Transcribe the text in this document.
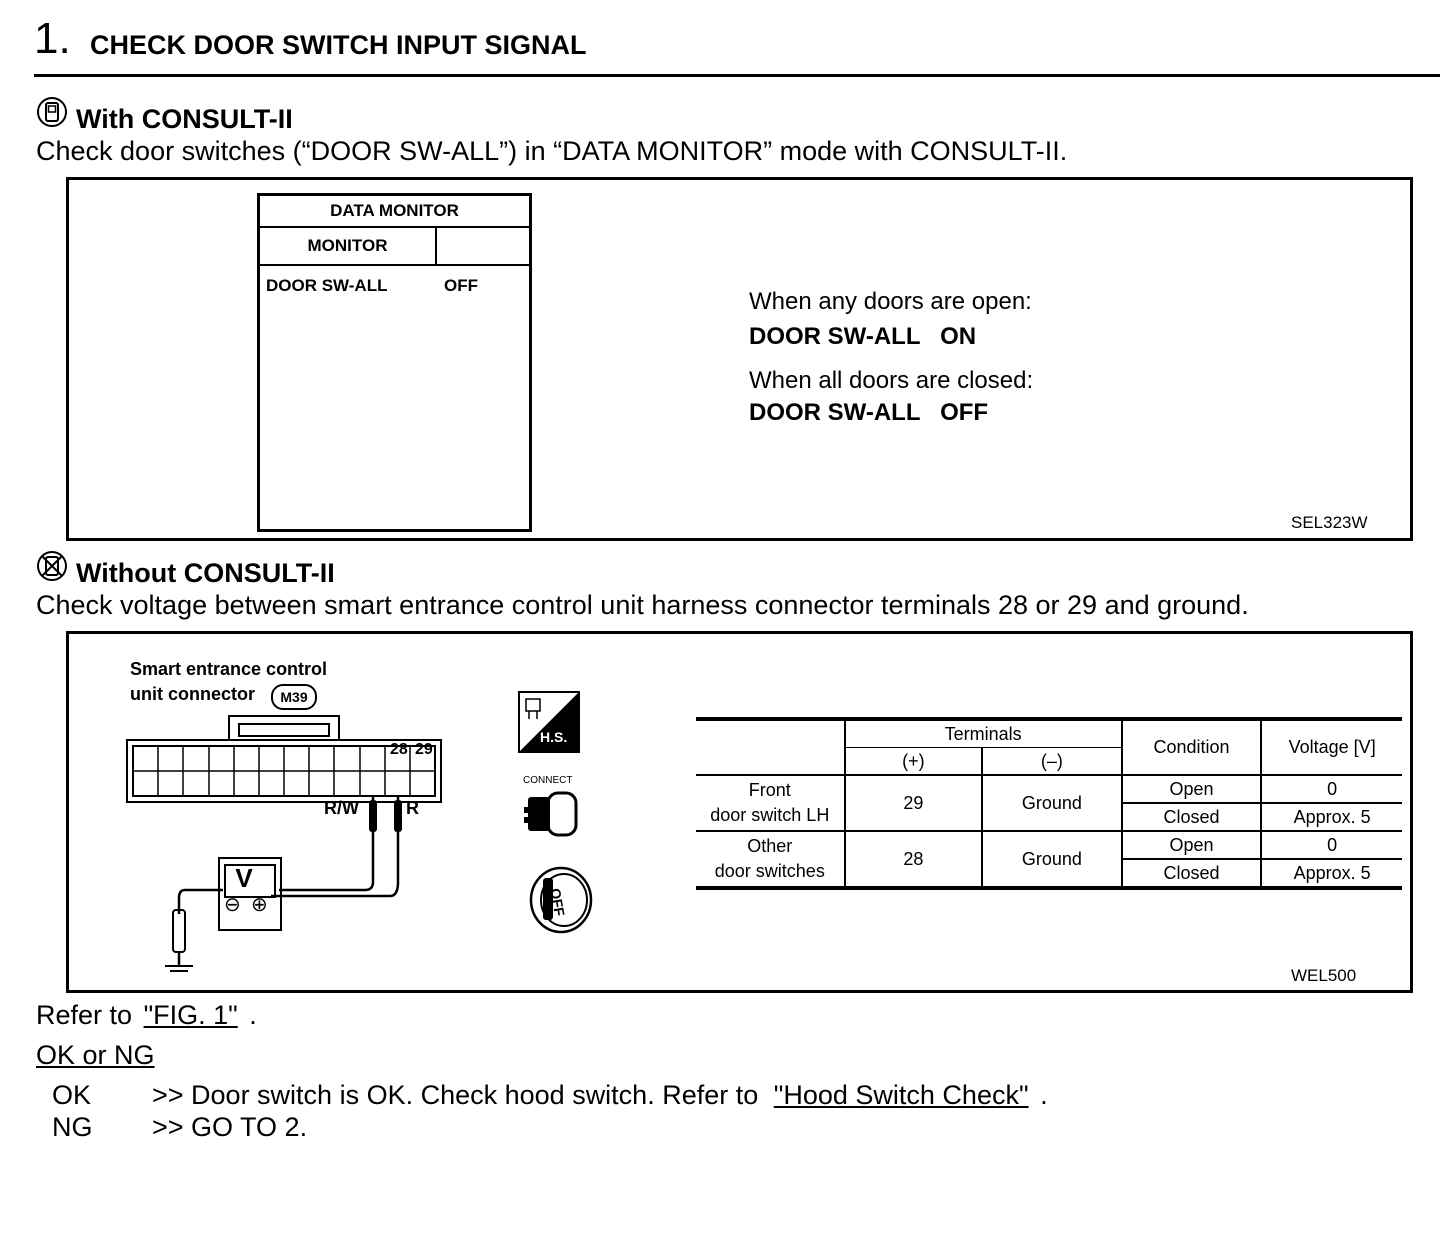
1. CHECK DOOR SWITCH INPUT SIGNAL
With CONSULT-II
Check door switches (“DOOR SW-ALL”) in “DATA MONITOR” mode with CONSULT-II.
DATA MONITOR
MONITOR
DOOR SW-ALL	OFF
When any doors are open:
DOOR SW-ALL   ON
When all doors are closed:
DOOR SW-ALL   OFF
SEL323W
Without CONSULT-II
Check voltage between smart entrance control unit harness connector terminals 28 or 29 and ground.
Smart entrance control
unit connector	M39
28 29
R/W	R
V
⊖ ⊕
H.S.
CONNECT
OFF
	Terminals		Condition	Voltage [V]
	(+)	(–)		

Front
door switch LH	29	Ground	Open	0
			Closed	Approx. 5

Other
door switches	28	Ground	Open	0
			Closed	Approx. 5
WEL500
Refer to "FIG. 1" .
OK or NG
OK >> Door switch is OK. Check hood switch. Refer to "Hood Switch Check" .
NG >> GO TO 2.
